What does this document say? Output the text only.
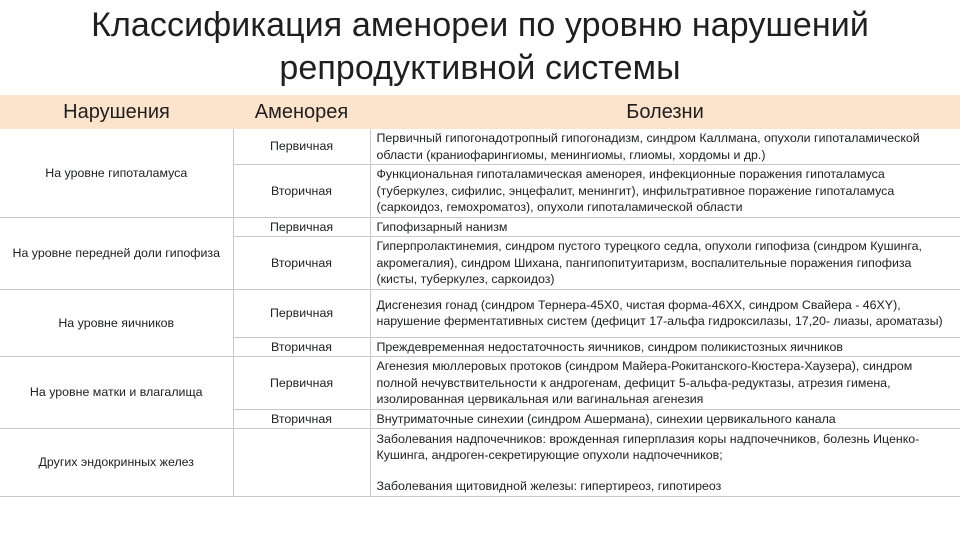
Классификация аменореи по уровню нарушений
репродуктивной системы
Нарушения	Аменорея	Болезни
На уровне гипоталамуса	Первичная	Первичный гипогонадотропный гипогонадизм, синдром Каллмана, опухоли гипоталамической области (краниофарингиомы, менингиомы, глиомы, хордомы и др.)

	Вторичная	Функциональная гипоталамическая аменорея, инфекционные поражения гипоталамуса (туберкулез, сифилис, энцефалит, менингит), инфильтративное поражение гипоталамуса (саркоидоз, гемохроматоз), опухоли гипоталамической области

На уровне передней доли гипофиза	Первичная	Гипофизарный нанизм

	Вторичная	Гиперпролактинемия, синдром пустого турецкого седла, опухоли гипофиза (синдром Кушинга, акромегалия), синдром Шихана, пангипопитуитаризм, воспалительные поражения гипофиза (кисты, туберкулез, саркоидоз)

На уровне яичников	Первичная	Дисгенезия гонад (синдром Тернера-45X0, чистая форма-46XX, синдром Свайера - 46XY), нарушение ферментативных систем (дефицит 17-альфа гидроксилазы, 17,20- лиазы, ароматазы)

	Вторичная	Преждевременная недостаточность яичников, синдром поликистозных яичников

На уровне матки и влагалища	Первичная	Агенезия мюллеровых протоков (синдром Майера-Рокитанского-Кюстера-Хаузера), синдром полной нечувствительности к андрогенам, дефицит 5-альфа-редуктазы, атрезия гимена, изолированная цервикальная или вагинальная агенезия

	Вторичная	Внутриматочные синехии (синдром Ашермана), синехии цервикального канала

Других эндокринных желез		Заболевания надпочечников: врожденная гиперплазия коры надпочечников, болезнь Иценко-Кушинга, андроген-секретирующие опухоли надпочечников;
Заболевания щитовидной железы: гипертиреоз, гипотиреоз
